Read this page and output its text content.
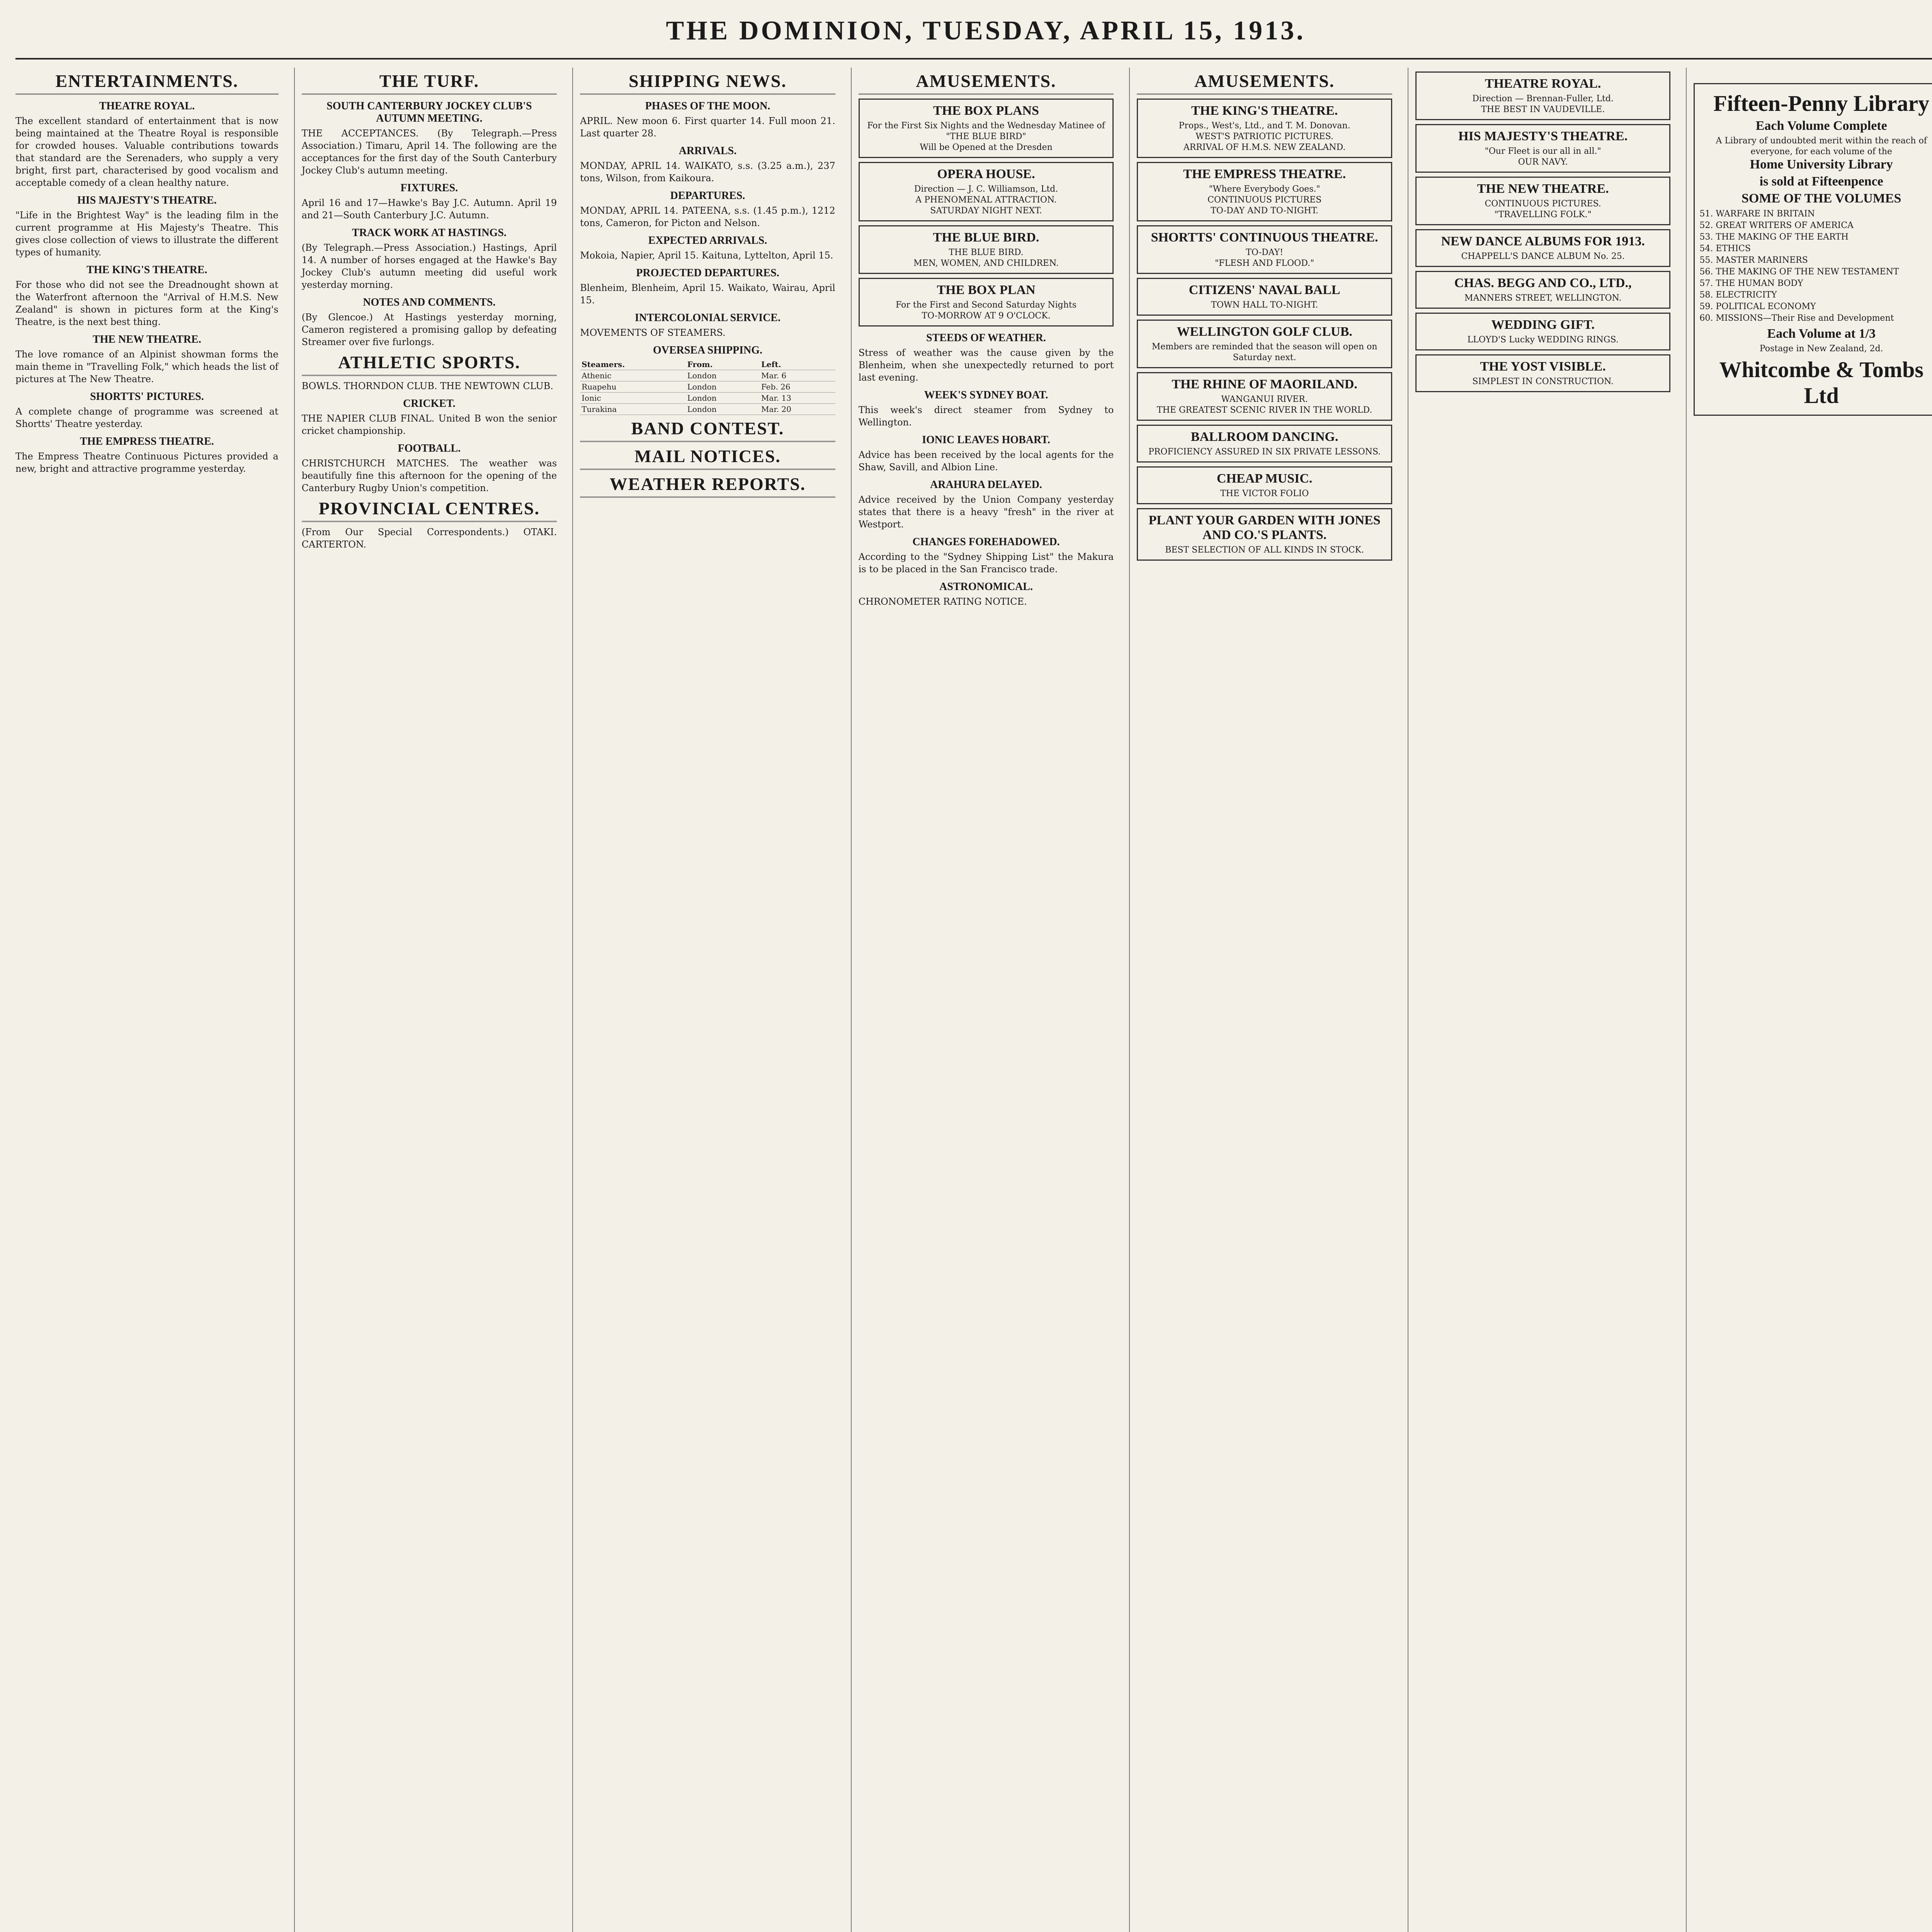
THE DOMINION, TUESDAY, APRIL 15, 1913.
ENTERTAINMENTS.
THEATRE ROYAL.

The excellent standard of entertainment that is now being maintained at the Theatre Royal is responsible for crowded houses. Valuable contributions towards that standard are the Serenaders, who supply a very bright, first part, characterised by good vocalism and acceptable comedy of a clean healthy nature.

HIS MAJESTY'S THEATRE.

"Life in the Brightest Way" is the leading film in the current programme at His Majesty's Theatre. This gives close collection of views to illustrate the different types of humanity.

THE KING'S THEATRE.

For those who did not see the Dreadnought shown at the Waterfront afternoon the "Arrival of H.M.S. New Zealand" is shown in pictures form at the King's Theatre, is the next best thing.

THE NEW THEATRE.

The love romance of an Alpinist showman forms the main theme in "Travelling Folk," which heads the list of pictures at The New Theatre.

SHORTTS' PICTURES.

A complete change of programme was screened at Shortts' Theatre yesterday.

THE EMPRESS THEATRE.

The Empress Theatre Continuous Pictures provided a new, bright and attractive programme yesterday.

THE TURF.
SOUTH CANTERBURY JOCKEY CLUB'S AUTUMN MEETING.

THE ACCEPTANCES. (By Telegraph.—Press Association.) Timaru, April 14. The following are the acceptances for the first day of the South Canterbury Jockey Club's autumn meeting.

FIXTURES.

April 16 and 17—Hawke's Bay J.C. Autumn. April 19 and 21—South Canterbury J.C. Autumn.

TRACK WORK AT HASTINGS.

(By Telegraph.—Press Association.) Hastings, April 14. A number of horses engaged at the Hawke's Bay Jockey Club's autumn meeting did useful work yesterday morning.

NOTES AND COMMENTS.

(By Glencoe.) At Hastings yesterday morning, Cameron registered a promising gallop by defeating Streamer over five furlongs.

ATHLETIC SPORTS.

BOWLS. THORNDON CLUB. THE NEWTOWN CLUB.

CRICKET.

THE NAPIER CLUB FINAL. United B won the senior cricket championship.

FOOTBALL.

CHRISTCHURCH MATCHES. The weather was beautifully fine this afternoon for the opening of the Canterbury Rugby Union's competition.

PROVINCIAL CENTRES.

(From Our Special Correspondents.) OTAKI. CARTERTON.

SHIPPING NEWS.
PHASES OF THE MOON.

APRIL. New moon 6. First quarter 14. Full moon 21. Last quarter 28.

ARRIVALS.

MONDAY, APRIL 14. WAIKATO, s.s. (3.25 a.m.), 237 tons, Wilson, from Kaikoura.

DEPARTURES.

MONDAY, APRIL 14. PATEENA, s.s. (1.45 p.m.), 1212 tons, Cameron, for Picton and Nelson.

EXPECTED ARRIVALS.

Mokoia, Napier, April 15. Kaituna, Lyttelton, April 15.

PROJECTED DEPARTURES.

Blenheim, Blenheim, April 15. Waikato, Wairau, April 15.

INTERCOLONIAL SERVICE.

MOVEMENTS OF STEAMERS.

OVERSEA SHIPPING.
Steamers.	From.	Left.
Athenic	London	Mar. 6
Ruapehu	London	Feb. 26
Ionic	London	Mar. 13
Turakina	London	Mar. 20
BAND CONTEST.
MAIL NOTICES.
WEATHER REPORTS.
AMUSEMENTS.
THE BOX PLANS
For the First Six Nights and the Wednesday Matinee of
"THE BLUE BIRD"
Will be Opened at the Dresden
OPERA HOUSE.
Direction — J. C. Williamson, Ltd.
A PHENOMENAL ATTRACTION.
SATURDAY NIGHT NEXT.
THE BLUE BIRD.
THE BLUE BIRD.
MEN, WOMEN, AND CHILDREN.
THE BOX PLAN
For the First and Second Saturday Nights
TO-MORROW AT 9 O'CLOCK.
STEEDS OF WEATHER.

Stress of weather was the cause given by the Blenheim, when she unexpectedly returned to port last evening.

WEEK'S SYDNEY BOAT.

This week's direct steamer from Sydney to Wellington.

IONIC LEAVES HOBART.

Advice has been received by the local agents for the Shaw, Savill, and Albion Line.

ARAHURA DELAYED.

Advice received by the Union Company yesterday states that there is a heavy "fresh" in the river at Westport.

CHANGES FOREHADOWED.

According to the "Sydney Shipping List" the Makura is to be placed in the San Francisco trade.

ASTRONOMICAL.

CHRONOMETER RATING NOTICE.

AMUSEMENTS.
THE KING'S THEATRE.
Props., West's, Ltd., and T. M. Donovan.
WEST'S PATRIOTIC PICTURES.
ARRIVAL OF H.M.S. NEW ZEALAND.
THE EMPRESS THEATRE.
"Where Everybody Goes."
CONTINUOUS PICTURES
TO-DAY AND TO-NIGHT.
SHORTTS' CONTINUOUS THEATRE.
TO-DAY!
"FLESH AND FLOOD."
CITIZENS' NAVAL BALL
TOWN HALL TO-NIGHT.
WELLINGTON GOLF CLUB.
Members are reminded that the season will open on Saturday next.
THE RHINE OF MAORILAND.
WANGANUI RIVER.
THE GREATEST SCENIC RIVER IN THE WORLD.
BALLROOM DANCING.
PROFICIENCY ASSURED IN SIX PRIVATE LESSONS.
CHEAP MUSIC.
THE VICTOR FOLIO
PLANT YOUR GARDEN WITH JONES AND CO.'S PLANTS.
BEST SELECTION OF ALL KINDS IN STOCK.
THEATRE ROYAL.
Direction — Brennan-Fuller, Ltd.
THE BEST IN VAUDEVILLE.
HIS MAJESTY'S THEATRE.
"Our Fleet is our all in all."
OUR NAVY.
THE NEW THEATRE.
CONTINUOUS PICTURES.
"TRAVELLING FOLK."
NEW DANCE ALBUMS FOR 1913.
CHAPPELL'S DANCE ALBUM No. 25.
CHAS. BEGG AND CO., LTD.,
MANNERS STREET, WELLINGTON.
WEDDING GIFT.
LLOYD'S Lucky WEDDING RINGS.
THE YOST VISIBLE.
SIMPLEST IN CONSTRUCTION.
Fifteen-Penny Library
Each Volume Complete
A Library of undoubted merit within the reach of everyone, for each volume of the
Home University Library
is sold at Fifteenpence
SOME OF THE VOLUMES
51. WARFARE IN BRITAIN
52. GREAT WRITERS OF AMERICA
53. THE MAKING OF THE EARTH
54. ETHICS
55. MASTER MARINERS
56. THE MAKING OF THE NEW TESTAMENT
57. THE HUMAN BODY
58. ELECTRICITY
59. POLITICAL ECONOMY
60. MISSIONS—Their Rise and Development
Each Volume at 1/3
Postage in New Zealand, 2d.
Whitcombe & Tombs Ltd
